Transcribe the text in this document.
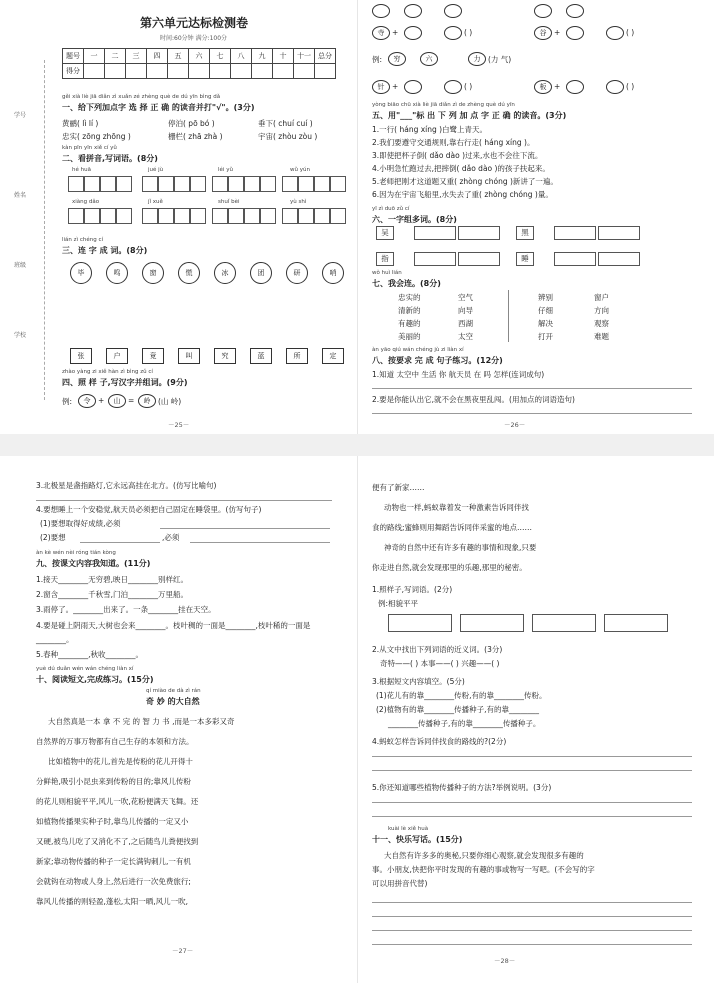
学号
姓名
班级
学校
第六单元达标检测卷
时间:60分钟 满分:100分
题号	一	二	三	四	五	六	七	八	九	十	十一	总分
得分												
gěi xià liè jiā diǎn zì xuǎn zé zhèng què de dú yīn bìng dǎ
一、给下列加点字 选 择 正 确 的读音并打"√"。(3分)
黄鹂( lì lí )	停泊( pō bó )	垂下( chuí cuí )
忠实( zōng zhōng )	栅栏( zhā zhà )	宇宙( zhòu zòu )
kàn pīn yīn xiě cí yǔ
二、看拼音,写词语。(8分)
hé huā	jué jù	léi yǔ	wǔ yún
xiàng dǎo	jǐ xuě	shuǐ bèi	yù shì
lián zì chéng cí
三、连 字 成 词。(8分)
毕	鸣	窗	慌	冰	团	研	哨
张	户	竟	叫	究	蓝	所	定
zhào yàng zi xiě hàn zì bìng zǔ cí
四、照 样 子,写汉字并组词。(9分)
例:	令	+	山	=	岭	(山 岭)
－25－
寺	+	( )	谷	+	( )
例:	穷	六	力	(力 气)
针	+	( )	板	+	( )
yòng biāo chū xià liè jiā diǎn zì de zhèng què dú yīn
五、用"___"标 出 下 列 加 点 字 正 确 的读音。(3分)
1.一行( háng xíng )白鹭上青天。
2.我们要遵守交通规则,靠右行走( háng xíng )。
3.即使把杯子倒( dǎo dào )过来,水也不会往下流。
4.小明急忙跑过去,把摔倒( dǎo dào )的孩子扶起来。
5.老师把刚才这道题又重( zhòng chóng )新讲了一遍。
6.因为在宇宙飞船里,水失去了重( zhòng chóng )量。
yī zì duō zǔ cí
六、一字组多词。(8分)
吴	黑
指	睡
wǒ huì lián
七、我会连。(8分)
忠实的
清新的
有趣的
美丽的
空气
向导
西湖
太空
辨别
仔细
解决
打开
窗户
方向
观察
难题
àn yāo qiú wán chéng jù zi liàn xí
八、按要求 完 成 句子练习。(12分)
1.知道 太空中 生活 你 航天员 在 吗 怎样(连词成句)
2.要是你能认出它,就不会在黑夜里乱闯。(用加点的词语造句)
－26－
3.北极星是盏指路灯,它永远高挂在北方。(仿写比喻句)
4.要想睡上一个安稳觉,航天员必须把自己固定在睡袋里。(仿写句子)
(1)要想取得好成绩,必须
(2)要想	,必须
àn kè wén nèi róng tián kòng
九、按课文内容我知道。(11分)
1.接天________无穷碧,映日________别样红。
2.窗含________千秋雪,门泊________万里船。
3.雨停了。________出来了。一条________挂在天空。
4.要是碰上阴雨天,大树也会来________。枝叶稠的一面是________,枝叶稀的一面是________。
5.春种________,秋收________。
yuè dú duǎn wén wán chéng liàn xí
十、阅读短文,完成练习。(15分)
qí miào de dà zì rán
奇 妙 的大自然
大自然真是一本 拿 不 完 的 智 力 书 ,而是一本多彩又奇
自然界的万事万物都有自己生存的本领和方法。
比如植物中的花儿,首先是传粉的花儿开得十
分鲜艳,吸引小昆虫来到传粉的目的;靠风儿传粉
的花儿则相貌平平,风儿一吹,花粉便满天飞舞。还
如植物传播果实种子时,靠鸟儿传播的一定又小
又硬,被鸟儿吃了又消化不了,之后随鸟儿粪便找到
新家;靠动物传播的种子一定长满钩刺儿,一有机
会就钩在动物或人身上,然后进行一次免费旅行;
靠风儿传播的则轻盈,蓬松,太阳一晒,风儿一吹,
－27－
便有了新家……
动物也一样,蚂蚁靠着发一种激素告诉同伴找
食的路线;蜜蜂则用舞蹈告诉同伴采蜜的地点……
神奇的自然中还有许多有趣的事情和现象,只要
你走进自然,就会发现那里的乐趣,那里的秘密。
1.照样子,写词语。(2分)
例:相貌平平
2.从文中找出下列词语的近义词。(3分)
奇特——( ) 本事——( ) 兴趣——( )
3.根据短文内容填空。(5分)
(1)花儿有的靠________传粉,有的靠________传粉。
(2)植物有的靠________传播种子,有的靠________
________传播种子,有的靠________传播种子。
4.蚂蚁怎样告诉同伴找食的路线的?(2分)
5.你还知道哪些植物传播种子的方法?举例说明。(3分)
kuài lè xiě huà
十一、快乐写话。(15分)
大自然有许多多的奥秘,只要你细心观察,就会发现很多有趣的
事。小朋友,快把你平时发现的有趣的事或物写一写吧。(不会写的字
可以用拼音代替)
－28－
